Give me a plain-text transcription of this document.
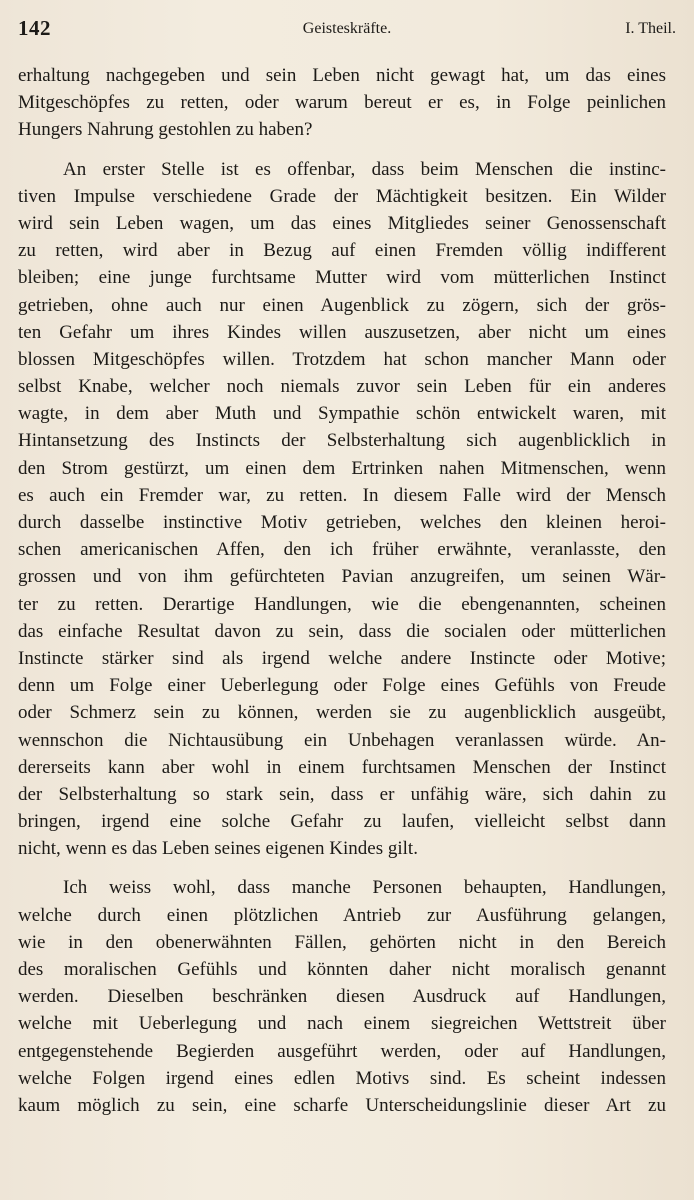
142	Geisteskräfte.	I. Theil.
erhaltung nachgegeben und sein Leben nicht gewagt hat, um das eines
Mitgeschöpfes zu retten, oder warum bereut er es, in Folge peinlichen
Hungers Nahrung gestohlen zu haben?
An erster Stelle ist es offenbar, dass beim Menschen die instinc-
tiven Impulse verschiedene Grade der Mächtigkeit besitzen. Ein Wilder
wird sein Leben wagen, um das eines Mitgliedes seiner Genossenschaft
zu retten, wird aber in Bezug auf einen Fremden völlig indifferent
bleiben; eine junge furchtsame Mutter wird vom mütterlichen Instinct
getrieben, ohne auch nur einen Augenblick zu zögern, sich der grös-
ten Gefahr um ihres Kindes willen auszusetzen, aber nicht um eines
blossen Mitgeschöpfes willen. Trotzdem hat schon mancher Mann oder
selbst Knabe, welcher noch niemals zuvor sein Leben für ein anderes
wagte, in dem aber Muth und Sympathie schön entwickelt waren, mit
Hintansetzung des Instincts der Selbsterhaltung sich augenblicklich in
den Strom gestürzt, um einen dem Ertrinken nahen Mitmenschen, wenn
es auch ein Fremder war, zu retten. In diesem Falle wird der Mensch
durch dasselbe instinctive Motiv getrieben, welches den kleinen heroi-
schen americanischen Affen, den ich früher erwähnte, veranlasste, den
grossen und von ihm gefürchteten Pavian anzugreifen, um seinen Wär-
ter zu retten. Derartige Handlungen, wie die ebengenannten, scheinen
das einfache Resultat davon zu sein, dass die socialen oder mütterlichen
Instincte stärker sind als irgend welche andere Instincte oder Motive;
denn um Folge einer Ueberlegung oder Folge eines Gefühls von Freude
oder Schmerz sein zu können, werden sie zu augenblicklich ausgeübt,
wennschon die Nichtausübung ein Unbehagen veranlassen würde. An-
dererseits kann aber wohl in einem furchtsamen Menschen der Instinct
der Selbsterhaltung so stark sein, dass er unfähig wäre, sich dahin zu
bringen, irgend eine solche Gefahr zu laufen, vielleicht selbst dann
nicht, wenn es das Leben seines eigenen Kindes gilt.
Ich weiss wohl, dass manche Personen behaupten, Handlungen,
welche durch einen plötzlichen Antrieb zur Ausführung gelangen,
wie in den obenerwähnten Fällen, gehörten nicht in den Bereich
des moralischen Gefühls und könnten daher nicht moralisch genannt
werden. Dieselben beschränken diesen Ausdruck auf Handlungen,
welche mit Ueberlegung und nach einem siegreichen Wettstreit über
entgegenstehende Begierden ausgeführt werden, oder auf Handlungen,
welche Folgen irgend eines edlen Motivs sind. Es scheint indessen
kaum möglich zu sein, eine scharfe Unterscheidungslinie dieser Art zu
